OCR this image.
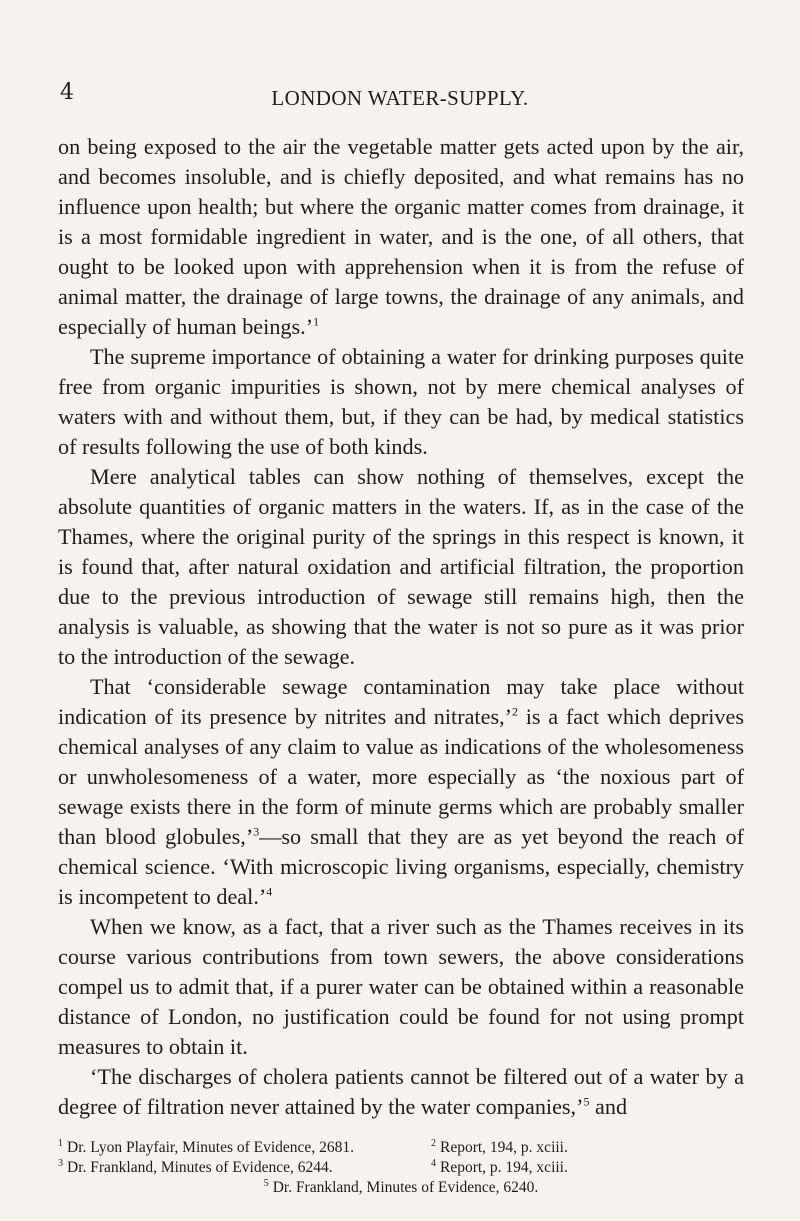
4	LONDON WATER-SUPPLY.

on being exposed to the air the vegetable matter gets acted upon by the air, and becomes insoluble, and is chiefly deposited, and what remains has no influence upon health; but where the organic matter comes from drainage, it is a most formidable ingredient in water, and is the one, of all others, that ought to be looked upon with apprehension when it is from the refuse of animal matter, the drainage of large towns, the drainage of any animals, and especially of human beings.’$^1$

The supreme importance of obtaining a water for drinking purposes quite free from organic impurities is shown, not by mere chemical analyses of waters with and without them, but, if they can be had, by medical statistics of results following the use of both kinds.

Mere analytical tables can show nothing of themselves, except the absolute quantities of organic matters in the waters. If, as in the case of the Thames, where the original purity of the springs in this respect is known, it is found that, after natural oxidation and artificial filtration, the proportion due to the previous introduction of sewage still remains high, then the analysis is valuable, as showing that the water is not so pure as it was prior to the introduction of the sewage.

That ‘considerable sewage contamination may take place without indication of its presence by nitrites and nitrates,’$^2$ is a fact which deprives chemical analyses of any claim to value as indications of the wholesomeness or unwholesomeness of a water, more especially as ‘the noxious part of sewage exists there in the form of minute germs which are probably smaller than blood globules,’$^3$—so small that they are as yet beyond the reach of chemical science. ‘With microscopic living organisms, especially, chemistry is incompetent to deal.’$^4$

When we know, as a fact, that a river such as the Thames receives in its course various contributions from town sewers, the above considerations compel us to admit that, if a purer water can be obtained within a reasonable distance of London, no justification could be found for not using prompt measures to obtain it.

‘The discharges of cholera patients cannot be filtered out of a water by a degree of filtration never attained by the water companies,’$^5$ and

$^1$ Dr. Lyon Playfair, Minutes of Evidence, 2681.	$^2$ Report, 194, p. xciii.
$^3$ Dr. Frankland, Minutes of Evidence, 6244.	$^4$ Report, p. 194, xciii.
$^5$ Dr. Frankland, Minutes of Evidence, 6240.
